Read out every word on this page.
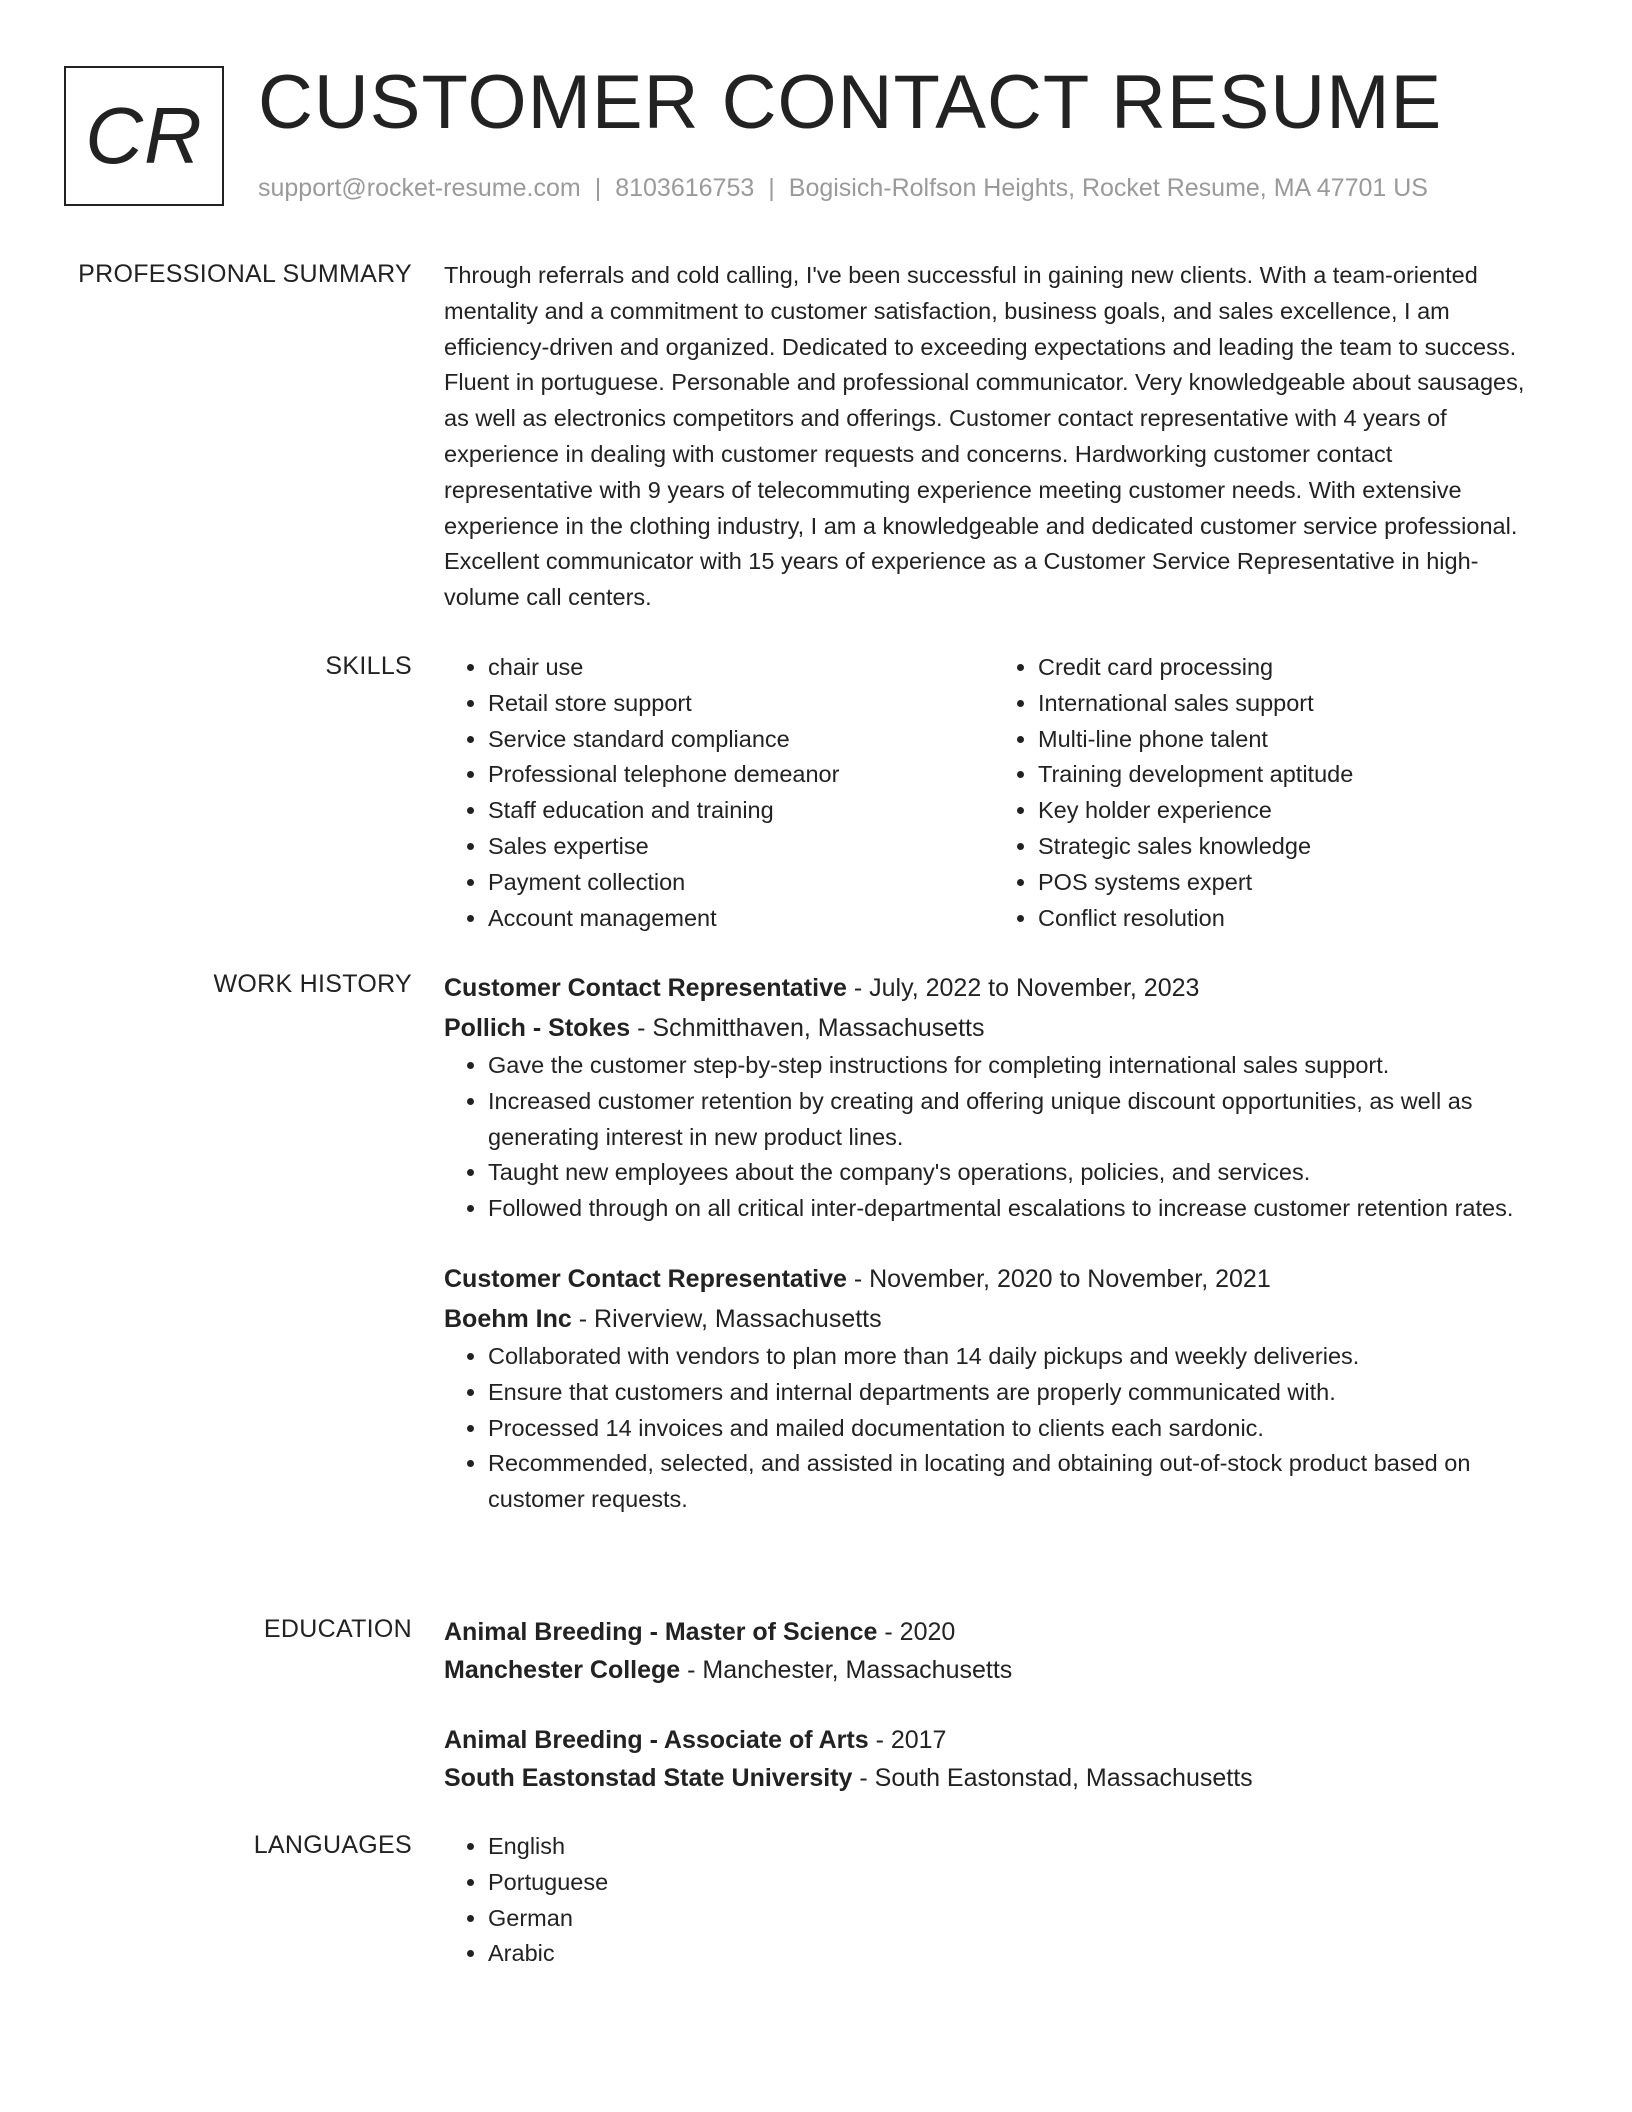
CR CUSTOMER CONTACT RESUME
support@rocket-resume.com | 8103616753 | Bogisich-Rolfson Heights, Rocket Resume, MA 47701 US
PROFESSIONAL SUMMARY Through referrals and cold calling, I've been successful in gaining new clients. With a team-oriented mentality and a commitment to customer satisfaction, business goals, and sales excellence, I am efficiency-driven and organized. Dedicated to exceeding expectations and leading the team to success. Fluent in portuguese. Personable and professional communicator. Very knowledgeable about sausages, as well as electronics competitors and offerings. Customer contact representative with 4 years of experience in dealing with customer requests and concerns. Hardworking customer contact representative with 9 years of telecommuting experience meeting customer needs. With extensive experience in the clothing industry, I am a knowledgeable and dedicated customer service professional. Excellent communicator with 15 years of experience as a Customer Service Representative in high-volume call centers.

SKILLS	• chair use
• Retail store support
• Service standard compliance
• Professional telephone demeanor
• Staff education and training
• Sales expertise
• Payment collection
• Account management
• Credit card processing
• International sales support
• Multi-line phone talent
• Training development aptitude
• Key holder experience
• Strategic sales knowledge
• POS systems expert
• Conflict resolution
WORK HISTORY Customer Contact Representative - July, 2022 to November, 2023
Pollich - Stokes - Schmitthaven, Massachusetts
• Gave the customer step-by-step instructions for completing international sales support.
• Increased customer retention by creating and offering unique discount opportunities, as well as generating interest in new product lines.
• Taught new employees about the company's operations, policies, and services.
• Followed through on all critical inter-departmental escalations to increase customer retention rates.
Customer Contact Representative - November, 2020 to November, 2021
Boehm Inc - Riverview, Massachusetts
• Collaborated with vendors to plan more than 14 daily pickups and weekly deliveries.
• Ensure that customers and internal departments are properly communicated with.
• Processed 14 invoices and mailed documentation to clients each sardonic.
• Recommended, selected, and assisted in locating and obtaining out-of-stock product based on customer requests.
EDUCATION Animal Breeding - Master of Science - 2020
Manchester College - Manchester, Massachusetts
Animal Breeding - Associate of Arts - 2017
South Eastonstad State University - South Eastonstad, Massachusetts
LANGUAGES	• English
• Portuguese
• German
• Arabic
